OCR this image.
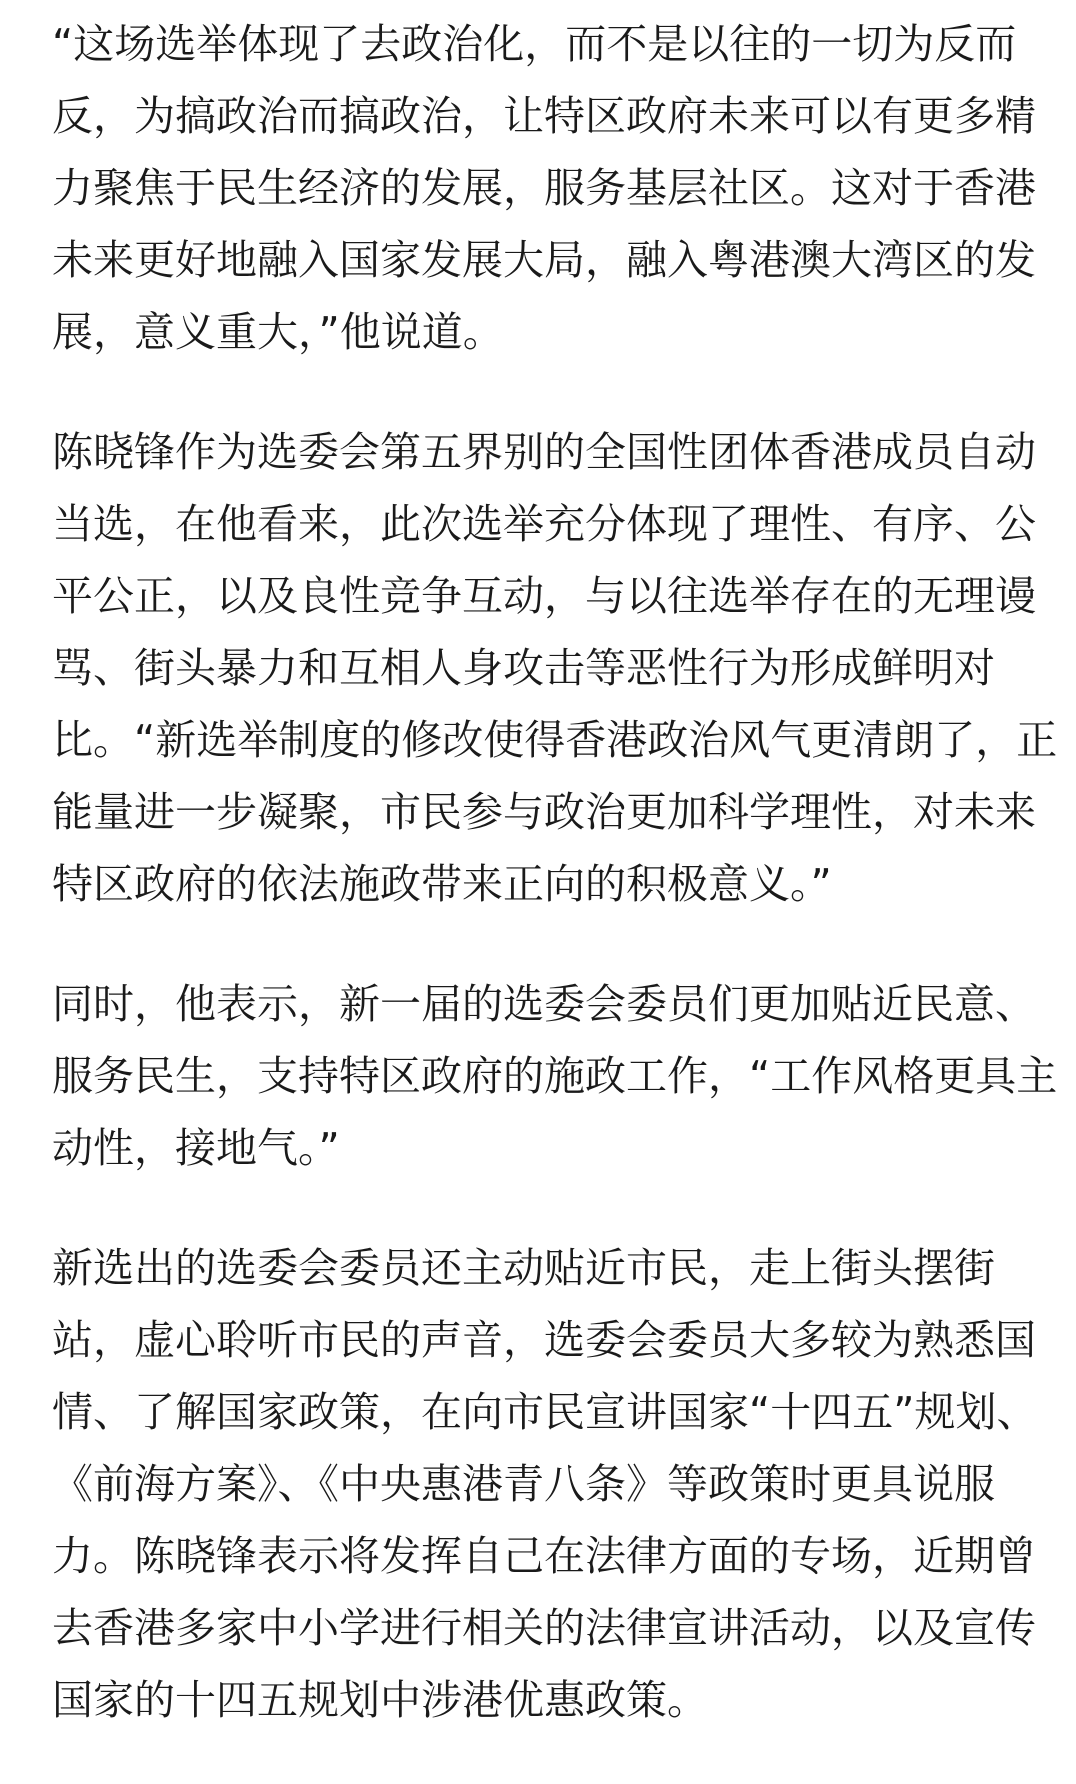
“这场选举体现了去政治化，而不是以往的一切为反而
反，为搞政治而搞政治，让特区政府未来可以有更多精
力聚焦于民生经济的发展，服务基层社区。这对于香港
未来更好地融入国家发展大局，融入粤港澳大湾区的发
展，意义重大，”他说道。

陈晓锋作为选委会第五界别的全国性团体香港成员自动
当选，在他看来，此次选举充分体现了理性、有序、公
平公正，以及良性竞争互动，与以往选举存在的无理谩
骂、街头暴力和互相人身攻击等恶性行为形成鲜明对
比。“新选举制度的修改使得香港政治风气更清朗了，正
能量进一步凝聚，市民参与政治更加科学理性，对未来
特区政府的依法施政带来正向的积极意义。”

同时，他表示，新一届的选委会委员们更加贴近民意、
服务民生，支持特区政府的施政工作，“工作风格更具主
动性，接地气。”

新选出的选委会委员还主动贴近市民，走上街头摆街
站，虚心聆听市民的声音，选委会委员大多较为熟悉国
情、了解国家政策，在向市民宣讲国家“十四五”规划、
《前海方案》、《中央惠港青八条》等政策时更具说服
力。陈晓锋表示将发挥自己在法律方面的专场，近期曾
去香港多家中小学进行相关的法律宣讲活动，以及宣传
国家的十四五规划中涉港优惠政策。
